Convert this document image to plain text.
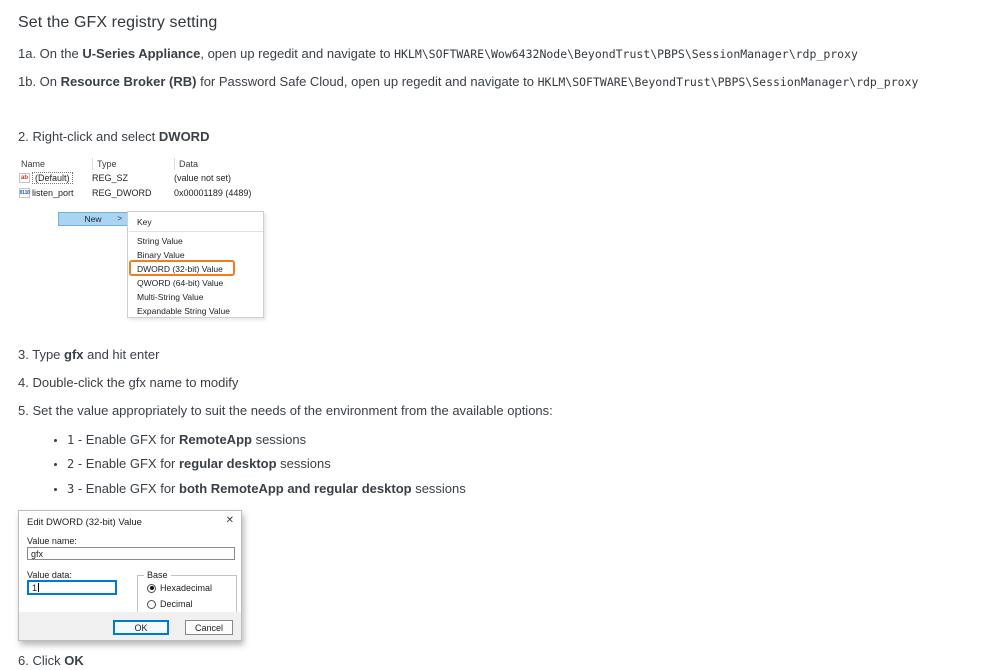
Set the GFX registry setting

1a. On the U-Series Appliance, open up regedit and navigate to HKLM\SOFTWARE\Wow6432Node\BeyondTrust\PBPS\SessionManager\rdp_proxy

1b. On Resource Broker (RB) for Password Safe Cloud, open up regedit and navigate to HKLM\SOFTWARE\BeyondTrust\PBPS\SessionManager\rdp_proxy

2. Right-click and select DWORD

Name	Type	Data
ab (Default)	REG_SZ	(value not set)
0110 listen_port REG_DWORD	0x00001189 (4489)
New >	Key
String Value
Binary Value
DWORD (32-bit) Value
QWORD (64-bit) Value
Multi-String Value
Expandable String Value

3. Type gfx and hit enter

4. Double-click the gfx name to modify

5. Set the value appropriately to suit the needs of the environment from the available options:

• 1 - Enable GFX for RemoteApp sessions
• 2 - Enable GFX for regular desktop sessions
• 3 - Enable GFX for both RemoteApp and regular desktop sessions
Edit DWORD (32-bit) Value	✕
Value name:
gfx
Value data:
1
Base
Hexadecimal
Decimal
OK	Cancel

6. Click OK
